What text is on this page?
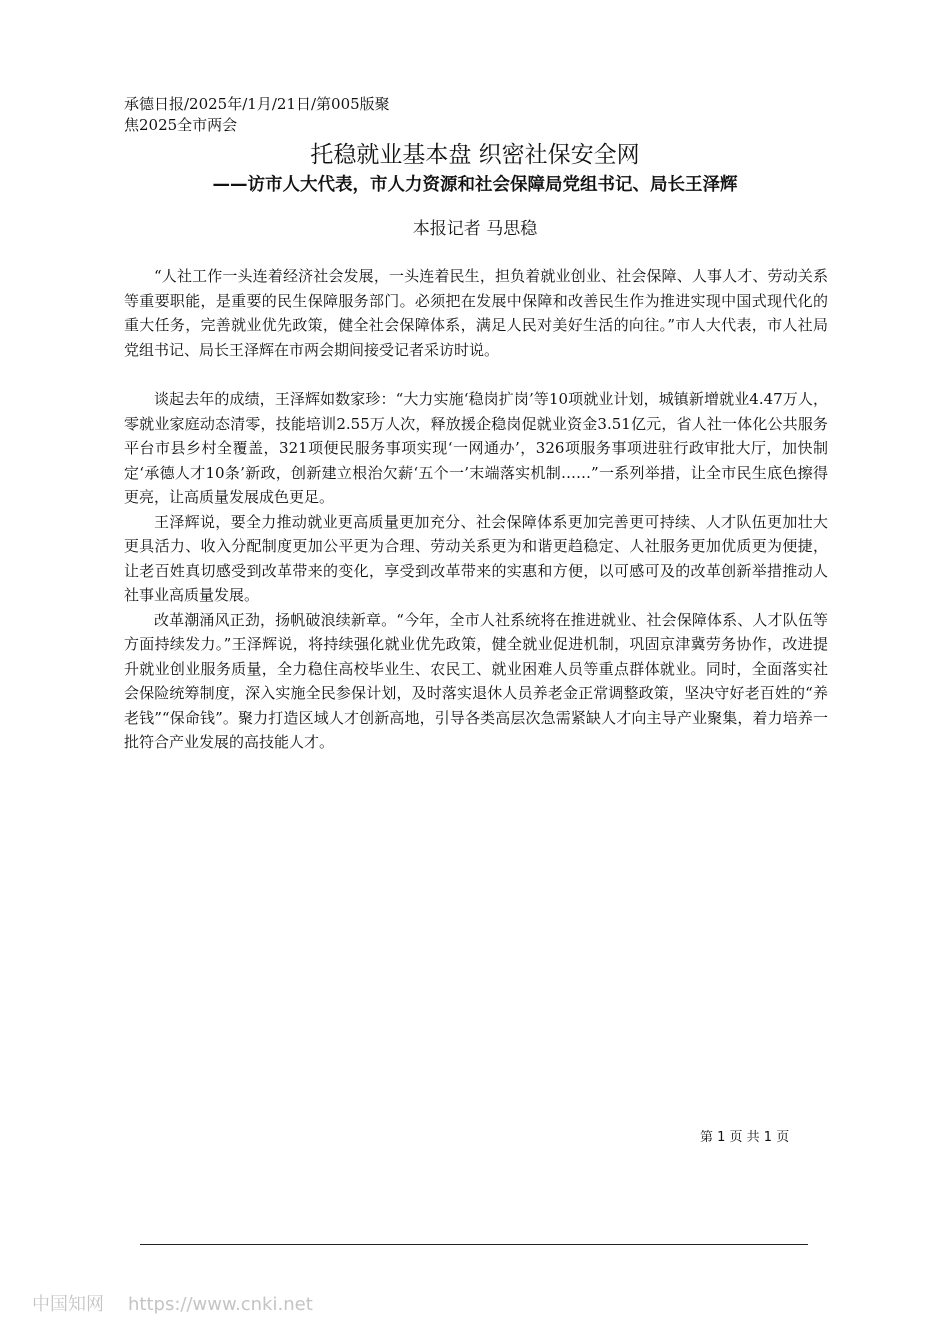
承德日报/2025年/1月/21日/第005版聚焦2025全市两会

托稳就业基本盘 织密社保安全网
——访市人大代表，市人力资源和社会保障局党组书记、局长王泽辉

本报记者 马思稳

“人社工作一头连着经济社会发展，一头连着民生，担负着就业创业、社会保障、人事人才、劳动关系等重要职能，是重要的民生保障服务部门。必须把在发展中保障和改善民生作为推进实现中国式现代化的重大任务，完善就业优先政策，健全社会保障体系，满足人民对美好生活的向往。”市人大代表，市人社局党组书记、局长王泽辉在市两会期间接受记者采访时说。

谈起去年的成绩，王泽辉如数家珍：“大力实施‘稳岗扩岗’等10项就业计划，城镇新增就业4.47万人，零就业家庭动态清零，技能培训2.55万人次，释放援企稳岗促就业资金3.51亿元，省人社一体化公共服务平台市县乡村全覆盖，321项便民服务事项实现‘一网通办’，326项服务事项进驻行政审批大厅，加快制定‘承德人才10条’新政，创新建立根治欠薪‘五个一’末端落实机制……”一系列举措，让全市民生底色擦得更亮，让高质量发展成色更足。

王泽辉说，要全力推动就业更高质量更加充分、社会保障体系更加完善更可持续、人才队伍更加壮大更具活力、收入分配制度更加公平更为合理、劳动关系更为和谐更趋稳定、人社服务更加优质更为便捷，让老百姓真切感受到改革带来的变化，享受到改革带来的实惠和方便，以可感可及的改革创新举措推动人社事业高质量发展。

改革潮涌风正劲，扬帆破浪续新章。“今年，全市人社系统将在推进就业、社会保障体系、人才队伍等方面持续发力。”王泽辉说，将持续强化就业优先政策，健全就业促进机制，巩固京津冀劳务协作，改进提升就业创业服务质量，全力稳住高校毕业生、农民工、就业困难人员等重点群体就业。同时，全面落实社会保险统筹制度，深入实施全民参保计划，及时落实退休人员养老金正常调整政策，坚决守好老百姓的“养老钱”“保命钱”。聚力打造区域人才创新高地，引导各类高层次急需紧缺人才向主导产业聚集，着力培养一批符合产业发展的高技能人才。

第 1 页 共 1 页

中国知网 https://www.cnki.net
